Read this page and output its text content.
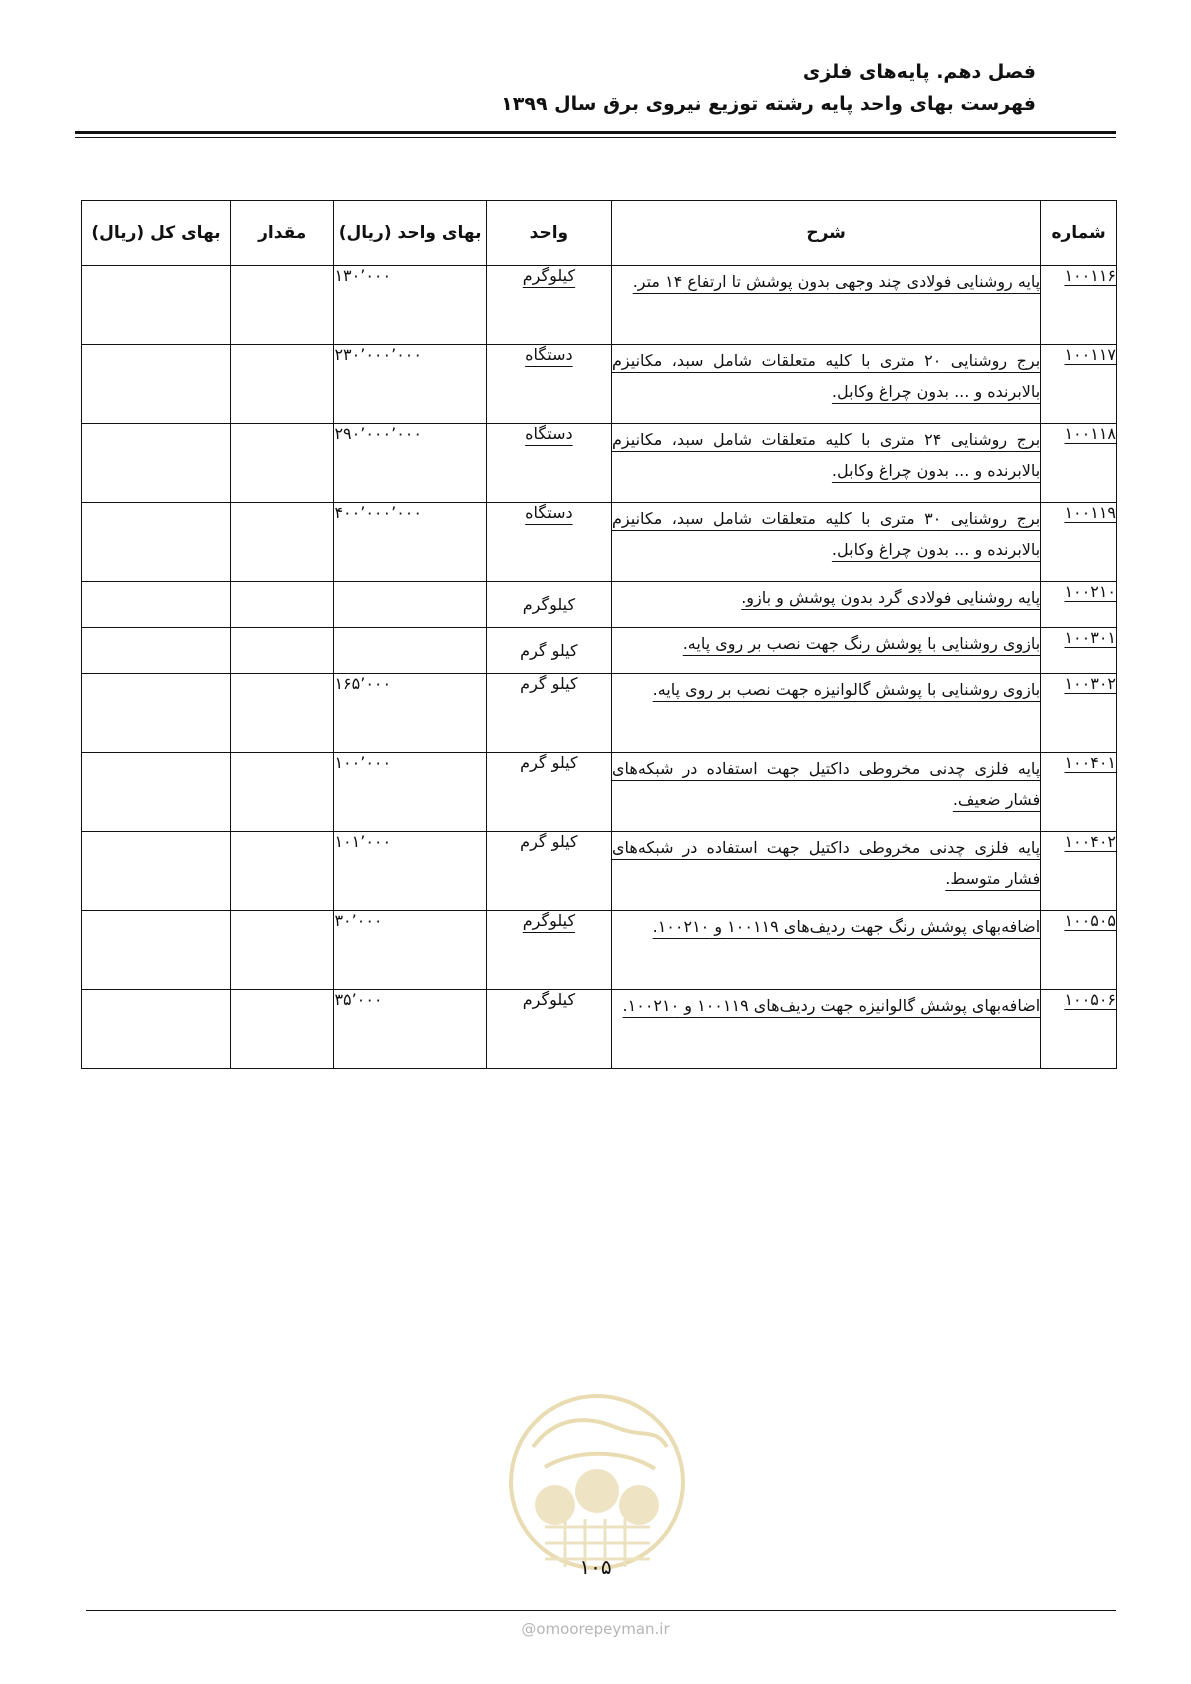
فصل دهم. پایه‌های فلزی
فهرست بهای واحد پایه رشته توزیع نیروی برق سال ۱۳۹۹
شماره	شرح	واحد	بهای واحد (ریال)	مقدار	بهای کل (ریال)
۱۰۰۱۱۶	پایه روشنایی فولادی چند وجهی بدون پوشش تا ارتفاع ۱۴ متر.	کیلوگرم	۱۳۰’۰۰۰		
۱۰۰۱۱۷	برج روشنایی ۲۰ متری با کلیه متعلقات شامل سبد، مکانیزم بالابرنده و ... بدون چراغ وکابل.	دستگاه	۲۳۰’۰۰۰’۰۰۰		
۱۰۰۱۱۸	برج روشنایی ۲۴ متری با کلیه متعلقات شامل سبد، مکانیزم بالابرنده و ... بدون چراغ وکابل.	دستگاه	۲۹۰’۰۰۰’۰۰۰		
۱۰۰۱۱۹	برج روشنایی ۳۰ متری با کلیه متعلقات شامل سبد، مکانیزم بالابرنده و ... بدون چراغ وکابل.	دستگاه	۴۰۰’۰۰۰’۰۰۰		
۱۰۰۲۱۰	پایه روشنایی فولادی گرد بدون پوشش و بازو.	کیلوگرم			
۱۰۰۳۰۱	بازوی روشنایی با پوشش رنگ جهت نصب بر روی پایه.	کیلو گرم			
۱۰۰۳۰۲	بازوی روشنایی با پوشش گالوانیزه جهت نصب بر روی پایه.	کیلو گرم	۱۶۵’۰۰۰		
۱۰۰۴۰۱	پایه فلزی چدنی مخروطی داکتیل جهت استفاده در شبکه‌های فشار ضعیف.	کیلو گرم	۱۰۰’۰۰۰		
۱۰۰۴۰۲	پایه فلزی چدنی مخروطی داکتیل جهت استفاده در شبکه‌های فشار متوسط.	کیلو گرم	۱۰۱’۰۰۰		
۱۰۰۵۰۵	اضافه‌بهای پوشش رنگ جهت ردیف‌های ۱۰۰۱۱۹ و ۱۰۰۲۱۰.	کیلوگرم	۳۰’۰۰۰		
۱۰۰۵۰۶	اضافه‌بهای پوشش گالوانیزه جهت ردیف‌های ۱۰۰۱۱۹ و ۱۰۰۲۱۰.	کیلوگرم	۳۵’۰۰۰		
۱۰۵
@omoorepeyman.ir
